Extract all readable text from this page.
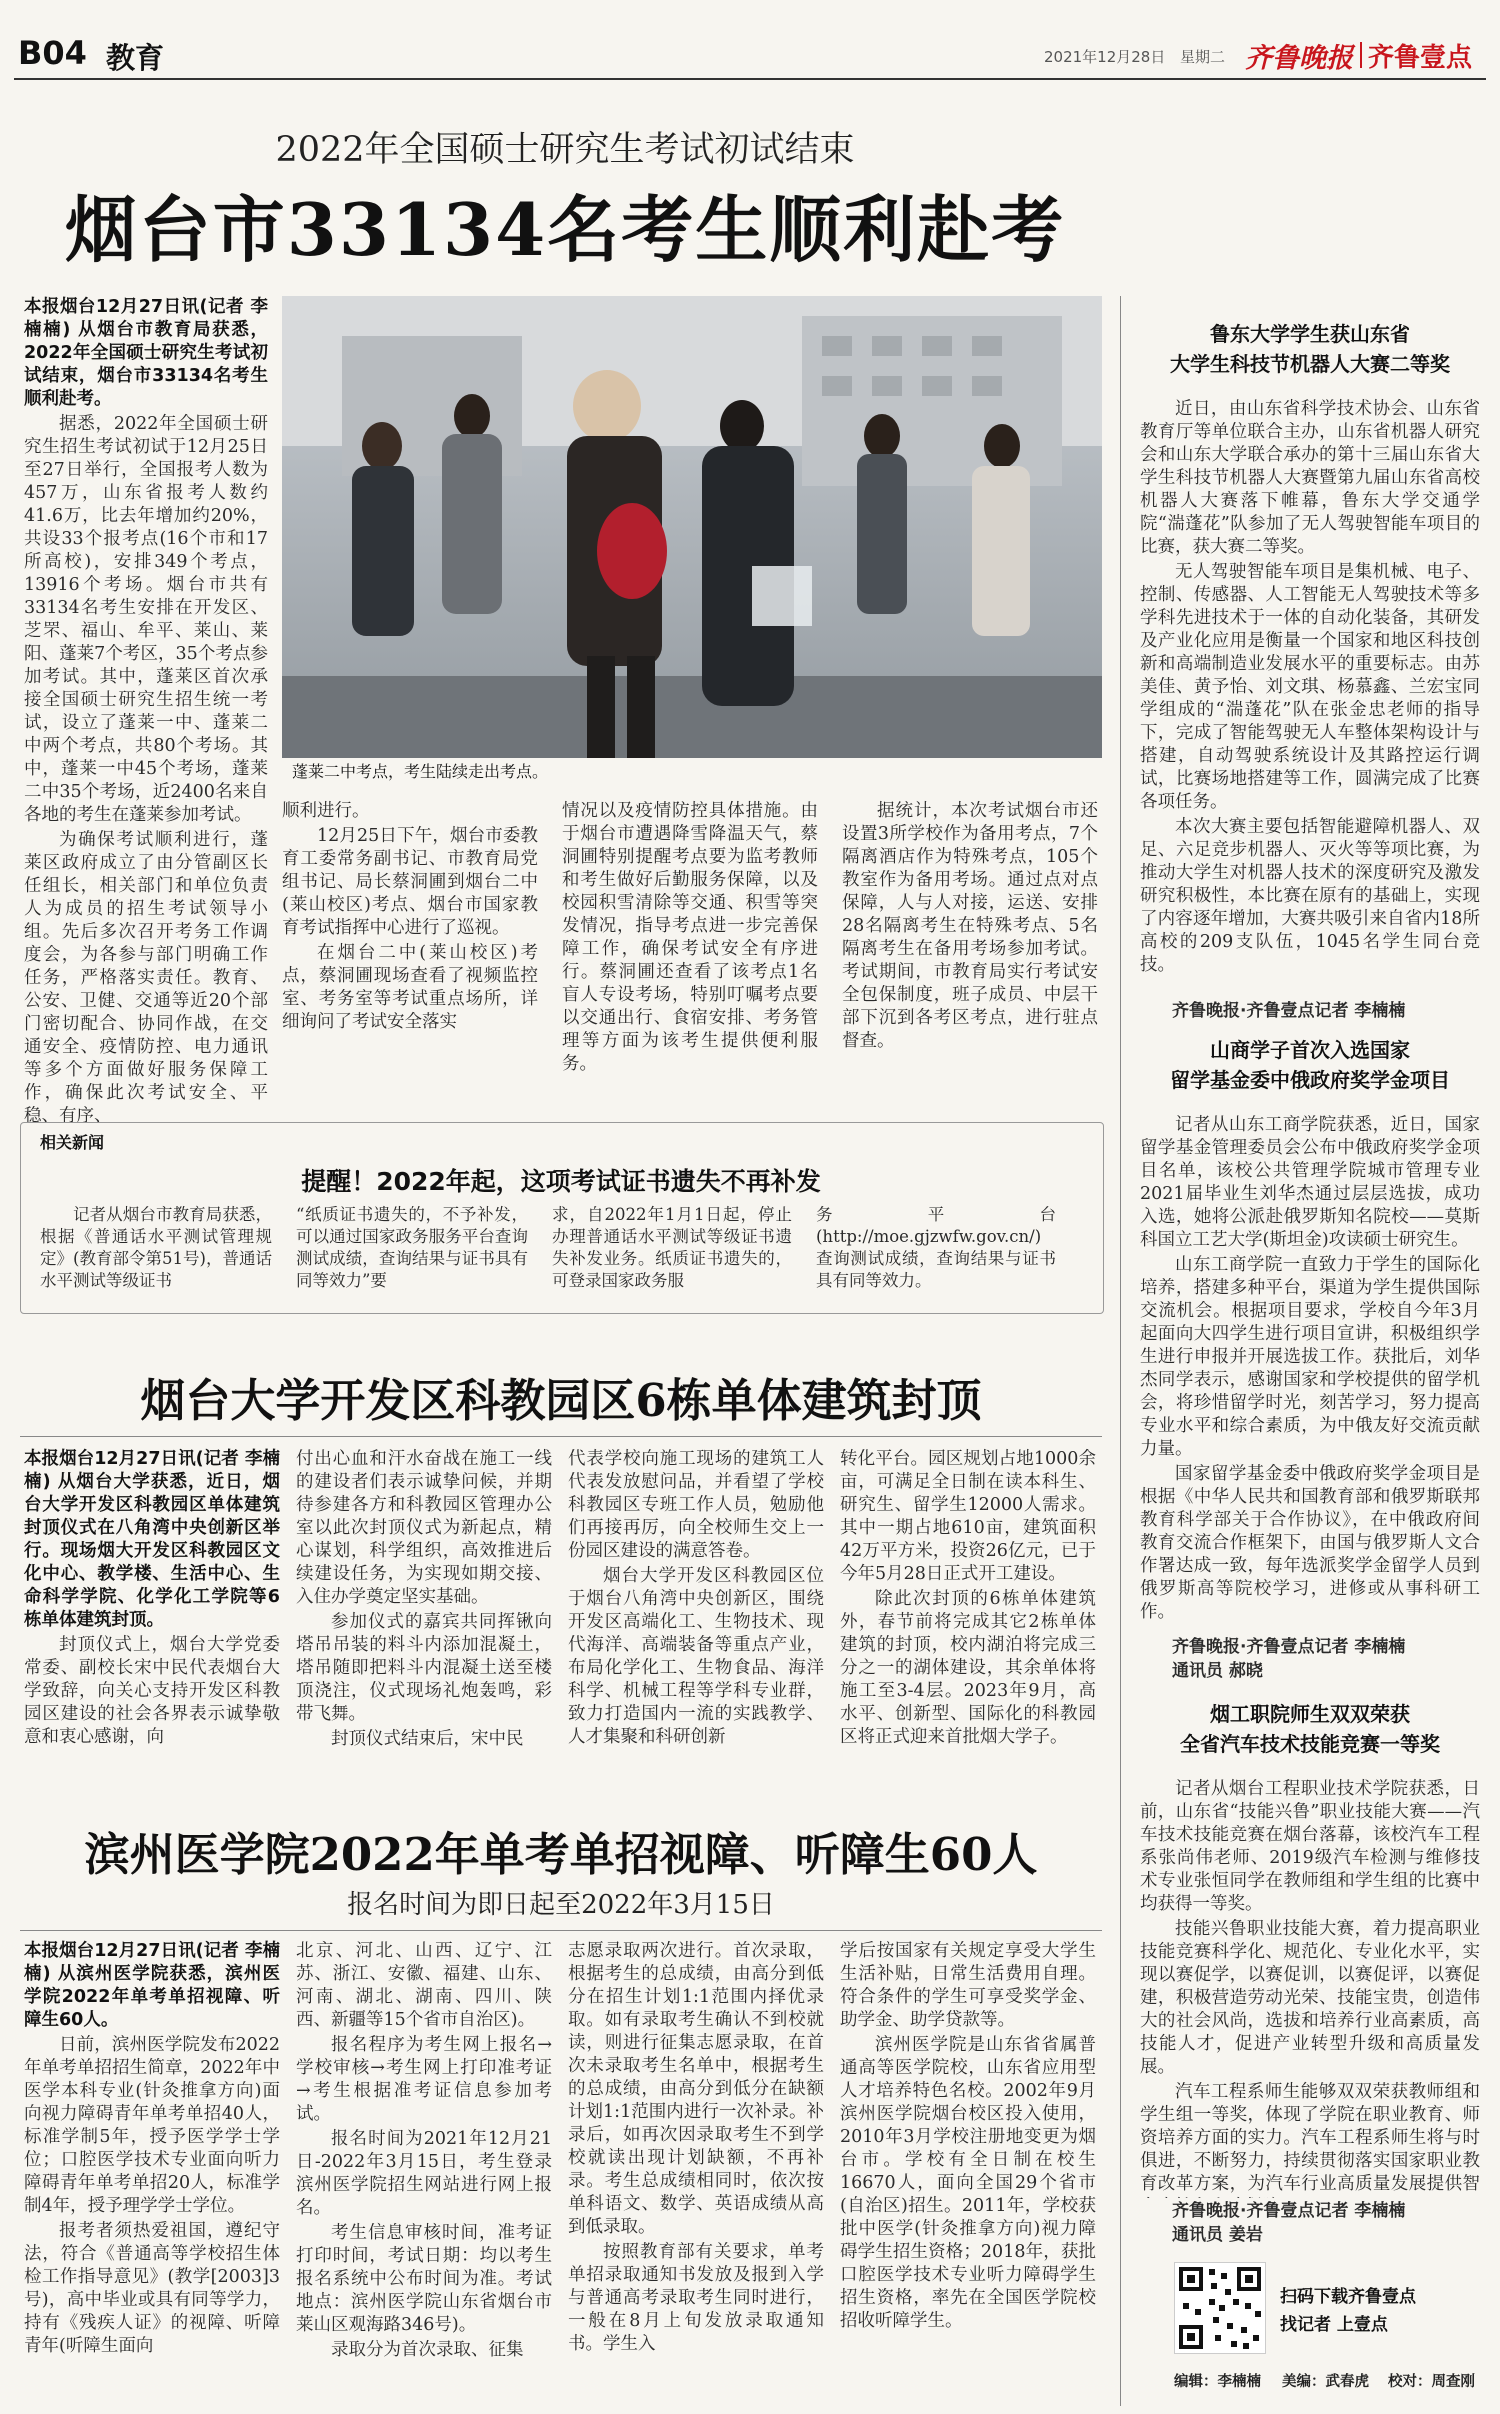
B04 教育	2021年12月28日 星期二 齐鲁晚报 齐鲁壹点
2022年全国硕士研究生考试初试结束
烟台市33134名考生顺利赴考
蓬莱二中考点，考生陆续走出考点。

本报烟台12月27日讯(记者 李楠楠) 从烟台市教育局获悉，2022年全国硕士研究生考试初试结束，烟台市33134名考生顺利赴考。

据悉，2022年全国硕士研究生招生考试初试于12月25日至27日举行，全国报考人数为457万，山东省报考人数约41.6万，比去年增加约20%，共设33个报考点(16个市和17所高校)，安排349个考点，13916个考场。烟台市共有33134名考生安排在开发区、芝罘、福山、牟平、莱山、莱阳、蓬莱7个考区，35个考点参加考试。其中，蓬莱区首次承接全国硕士研究生招生统一考试，设立了蓬莱一中、蓬莱二中两个考点，共80个考场。其中，蓬莱一中45个考场，蓬莱二中35个考场，近2400名来自各地的考生在蓬莱参加考试。

为确保考试顺利进行，蓬莱区政府成立了由分管副区长任组长，相关部门和单位负责人为成员的招生考试领导小组。先后多次召开考务工作调度会，为各参与部门明确工作任务，严格落实责任。教育、公安、卫健、交通等近20个部门密切配合、协同作战，在交通安全、疫情防控、电力通讯等多个方面做好服务保障工作，确保此次考试安全、平稳、有序、

顺利进行。

12月25日下午，烟台市委教育工委常务副书记、市教育局党组书记、局长蔡洞圃到烟台二中(莱山校区)考点、烟台市国家教育考试指挥中心进行了巡视。

在烟台二中(莱山校区)考点，蔡洞圃现场查看了视频监控室、考务室等考试重点场所，详细询问了考试安全落实

情况以及疫情防控具体措施。由于烟台市遭遇降雪降温天气，蔡洞圃特别提醒考点要为监考教师和考生做好后勤服务保障，以及校园积雪清除等交通、积雪等突发情况，指导考点进一步完善保障工作，确保考试安全有序进行。蔡洞圃还查看了该考点1名盲人专设考场，特别叮嘱考点要以交通出行、食宿安排、考务管理等方面为该考生提供便利服务。

据统计，本次考试烟台市还设置3所学校作为备用考点，7个隔离酒店作为特殊考点，105个教室作为备用考场。通过点对点保障，人与人对接，运送、安排28名隔离考生在特殊考点、5名隔离考生在备用考场参加考试。考试期间，市教育局实行考试安全包保制度，班子成员、中层干部下沉到各考区考点，进行驻点督查。

相关新闻
提醒！2022年起，这项考试证书遗失不再补发
记者从烟台市教育局获悉，根据《普通话水平测试管理规定》(教育部令第51号)，普通话水平测试等级证书
“纸质证书遗失的，不予补发，可以通过国家政务服务平台查询测试成绩，查询结果与证书具有同等效力”要
求，自2022年1月1日起，停止办理普通话水平测试等级证书遗失补发业务。纸质证书遗失的，可登录国家政务服
务平台(http://moe.gjzwfw.gov.cn/)查询测试成绩，查询结果与证书具有同等效力。
烟台大学开发区科教园区6栋单体建筑封顶

本报烟台12月27日讯(记者 李楠楠) 从烟台大学获悉，近日，烟台大学开发区科教园区单体建筑封顶仪式在八角湾中央创新区举行。现场烟大开发区科教园区文化中心、教学楼、生活中心、生命科学学院、化学化工学院等6栋单体建筑封顶。

封顶仪式上，烟台大学党委常委、副校长宋中民代表烟台大学致辞，向关心支持开发区科教园区建设的社会各界表示诚挚敬意和衷心感谢，向

付出心血和汗水奋战在施工一线的建设者们表示诚挚问候，并期待参建各方和科教园区管理办公室以此次封顶仪式为新起点，精心谋划，科学组织，高效推进后续建设任务，为实现如期交接、入住办学奠定坚实基础。

参加仪式的嘉宾共同挥锹向塔吊吊装的料斗内添加混凝土，塔吊随即把料斗内混凝土送至楼顶浇注，仪式现场礼炮轰鸣，彩带飞舞。

封顶仪式结束后，宋中民

代表学校向施工现场的建筑工人代表发放慰问品，并看望了学校科教园区专班工作人员，勉励他们再接再厉，向全校师生交上一份园区建设的满意答卷。

烟台大学开发区科教园区位于烟台八角湾中央创新区，围绕开发区高端化工、生物技术、现代海洋、高端装备等重点产业，布局化学化工、生物食品、海洋科学、机械工程等学科专业群，致力打造国内一流的实践教学、人才集聚和科研创新

转化平台。园区规划占地1000余亩，可满足全日制在读本科生、研究生、留学生12000人需求。其中一期占地610亩，建筑面积42万平方米，投资26亿元，已于今年5月28日正式开工建设。

除此次封顶的6栋单体建筑外，春节前将完成其它2栋单体建筑的封顶，校内湖泊将完成三分之一的湖体建设，其余单体将施工至3-4层。2023年9月，高水平、创新型、国际化的科教园区将正式迎来首批烟大学子。

滨州医学院2022年单考单招视障、听障生60人
报名时间为即日起至2022年3月15日

本报烟台12月27日讯(记者 李楠楠) 从滨州医学院获悉，滨州医学院2022年单考单招视障、听障生60人。

日前，滨州医学院发布2022年单考单招招生简章，2022年中医学本科专业(针灸推拿方向)面向视力障碍青年单考单招40人，标准学制5年，授予医学学士学位；口腔医学技术专业面向听力障碍青年单考单招20人，标准学制4年，授予理学学士学位。

报考者须热爱祖国，遵纪守法，符合《普通高等学校招生体检工作指导意见》(教学[2003]3号)，高中毕业或具有同等学力，持有《残疾人证》的视障、听障青年(听障生面向

北京、河北、山西、辽宁、江苏、浙江、安徽、福建、山东、河南、湖北、湖南、四川、陕西、新疆等15个省市自治区)。

报名程序为考生网上报名→学校审核→考生网上打印准考证→考生根据准考证信息参加考试。

报名时间为2021年12月21日-2022年3月15日，考生登录滨州医学院招生网站进行网上报名。

考生信息审核时间，准考证打印时间，考试日期：均以考生报名系统中公布时间为准。考试地点：滨州医学院山东省烟台市莱山区观海路346号)。

录取分为首次录取、征集

志愿录取两次进行。首次录取，根据考生的总成绩，由高分到低分在招生计划1:1范围内择优录取。如有录取考生确认不到校就读，则进行征集志愿录取，在首次未录取考生名单中，根据考生的总成绩，由高分到低分在缺额计划1:1范围内进行一次补录。补录后，如再次因录取考生不到学校就读出现计划缺额，不再补录。考生总成绩相同时，依次按单科语文、数学、英语成绩从高到低录取。

按照教育部有关要求，单考单招录取通知书发放及报到入学与普通高考录取考生同时进行，一般在8月上旬发放录取通知书。学生入

学后按国家有关规定享受大学生生活补贴，日常生活费用自理。符合条件的学生可享受奖学金、助学金、助学贷款等。

滨州医学院是山东省省属普通高等医学院校，山东省应用型人才培养特色名校。2002年9月滨州医学院烟台校区投入使用，2010年3月学校注册地变更为烟台市。学校有全日制在校生16670人，面向全国29个省市(自治区)招生。2011年，学校获批中医学(针灸推拿方向)视力障碍学生招生资格；2018年，获批口腔医学技术专业听力障碍学生招生资格，率先在全国医学院校招收听障学生。

鲁东大学学生获山东省
大学生科技节机器人大赛二等奖

近日，由山东省科学技术协会、山东省教育厅等单位联合主办，山东省机器人研究会和山东大学联合承办的第十三届山东省大学生科技节机器人大赛暨第九届山东省高校机器人大赛落下帷幕，鲁东大学交通学院“湍蓬花”队参加了无人驾驶智能车项目的比赛，获大赛二等奖。

无人驾驶智能车项目是集机械、电子、控制、传感器、人工智能无人驾驶技术等多学科先进技术于一体的自动化装备，其研发及产业化应用是衡量一个国家和地区科技创新和高端制造业发展水平的重要标志。由苏美佳、黄予怡、刘文琪、杨慕鑫、兰宏宝同学组成的“湍蓬花”队在张金忠老师的指导下，完成了智能驾驶无人车整体架构设计与搭建，自动驾驶系统设计及其路控运行调试，比赛场地搭建等工作，圆满完成了比赛各项任务。

本次大赛主要包括智能避障机器人、双足、六足竞步机器人、灭火等等项比赛，为推动大学生对机器人技术的深度研究及激发研究积极性，本比赛在原有的基础上，实现了内容逐年增加，大赛共吸引来自省内18所高校的209支队伍，1045名学生同台竞技。

齐鲁晚报·齐鲁壹点记者 李楠楠
山商学子首次入选国家
留学基金委中俄政府奖学金项目

记者从山东工商学院获悉，近日，国家留学基金管理委员会公布中俄政府奖学金项目名单，该校公共管理学院城市管理专业2021届毕业生刘华杰通过层层选拔，成功入选，她将公派赴俄罗斯知名院校——莫斯科国立工艺大学(斯坦金)攻读硕士研究生。

山东工商学院一直致力于学生的国际化培养，搭建多种平台，渠道为学生提供国际交流机会。根据项目要求，学校自今年3月起面向大四学生进行项目宣讲，积极组织学生进行申报并开展选拔工作。获批后，刘华杰同学表示，感谢国家和学校提供的留学机会，将珍惜留学时光，刻苦学习，努力提高专业水平和综合素质，为中俄友好交流贡献力量。

国家留学基金委中俄政府奖学金项目是根据《中华人民共和国教育部和俄罗斯联邦教育科学部关于合作协议》，在中俄政府间教育交流合作框架下，由国与俄罗斯人文合作署达成一致，每年选派奖学金留学人员到俄罗斯高等院校学习，进修或从事科研工作。

齐鲁晚报·齐鲁壹点记者 李楠楠
通讯员 郝晓
烟工职院师生双双荣获
全省汽车技术技能竞赛一等奖

记者从烟台工程职业技术学院获悉，日前，山东省“技能兴鲁”职业技能大赛——汽车技术技能竞赛在烟台落幕，该校汽车工程系张尚伟老师、2019级汽车检测与维修技术专业张恒同学在教师组和学生组的比赛中均获得一等奖。

技能兴鲁职业技能大赛，着力提高职业技能竞赛科学化、规范化、专业化水平，实现以赛促学，以赛促训，以赛促评，以赛促建，积极营造劳动光荣、技能宝贵，创造伟大的社会风尚，选拔和培养行业高素质，高技能人才，促进产业转型升级和高质量发展。

汽车工程系师生能够双双荣获教师组和学生组一等奖，体现了学院在职业教育、师资培养方面的实力。汽车工程系师生将与时俱进，不断努力，持续贯彻落实国家职业教育改革方案，为汽车行业高质量发展提供智

齐鲁晚报·齐鲁壹点记者 李楠楠
通讯员 姜岩
扫码下载齐鲁壹点
找记者 上壹点
编辑：李楠楠 美编：武春虎 校对：周查刚
